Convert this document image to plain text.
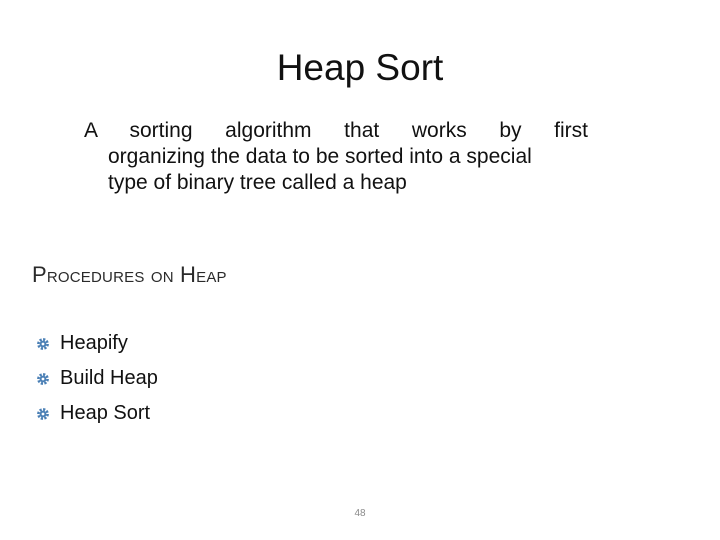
Heap Sort
A sorting algorithm that works by first
organizing the data to be sorted into a special
type of binary tree called a heap
Procedures on Heap
Heapify
Build Heap
Heap Sort
48
